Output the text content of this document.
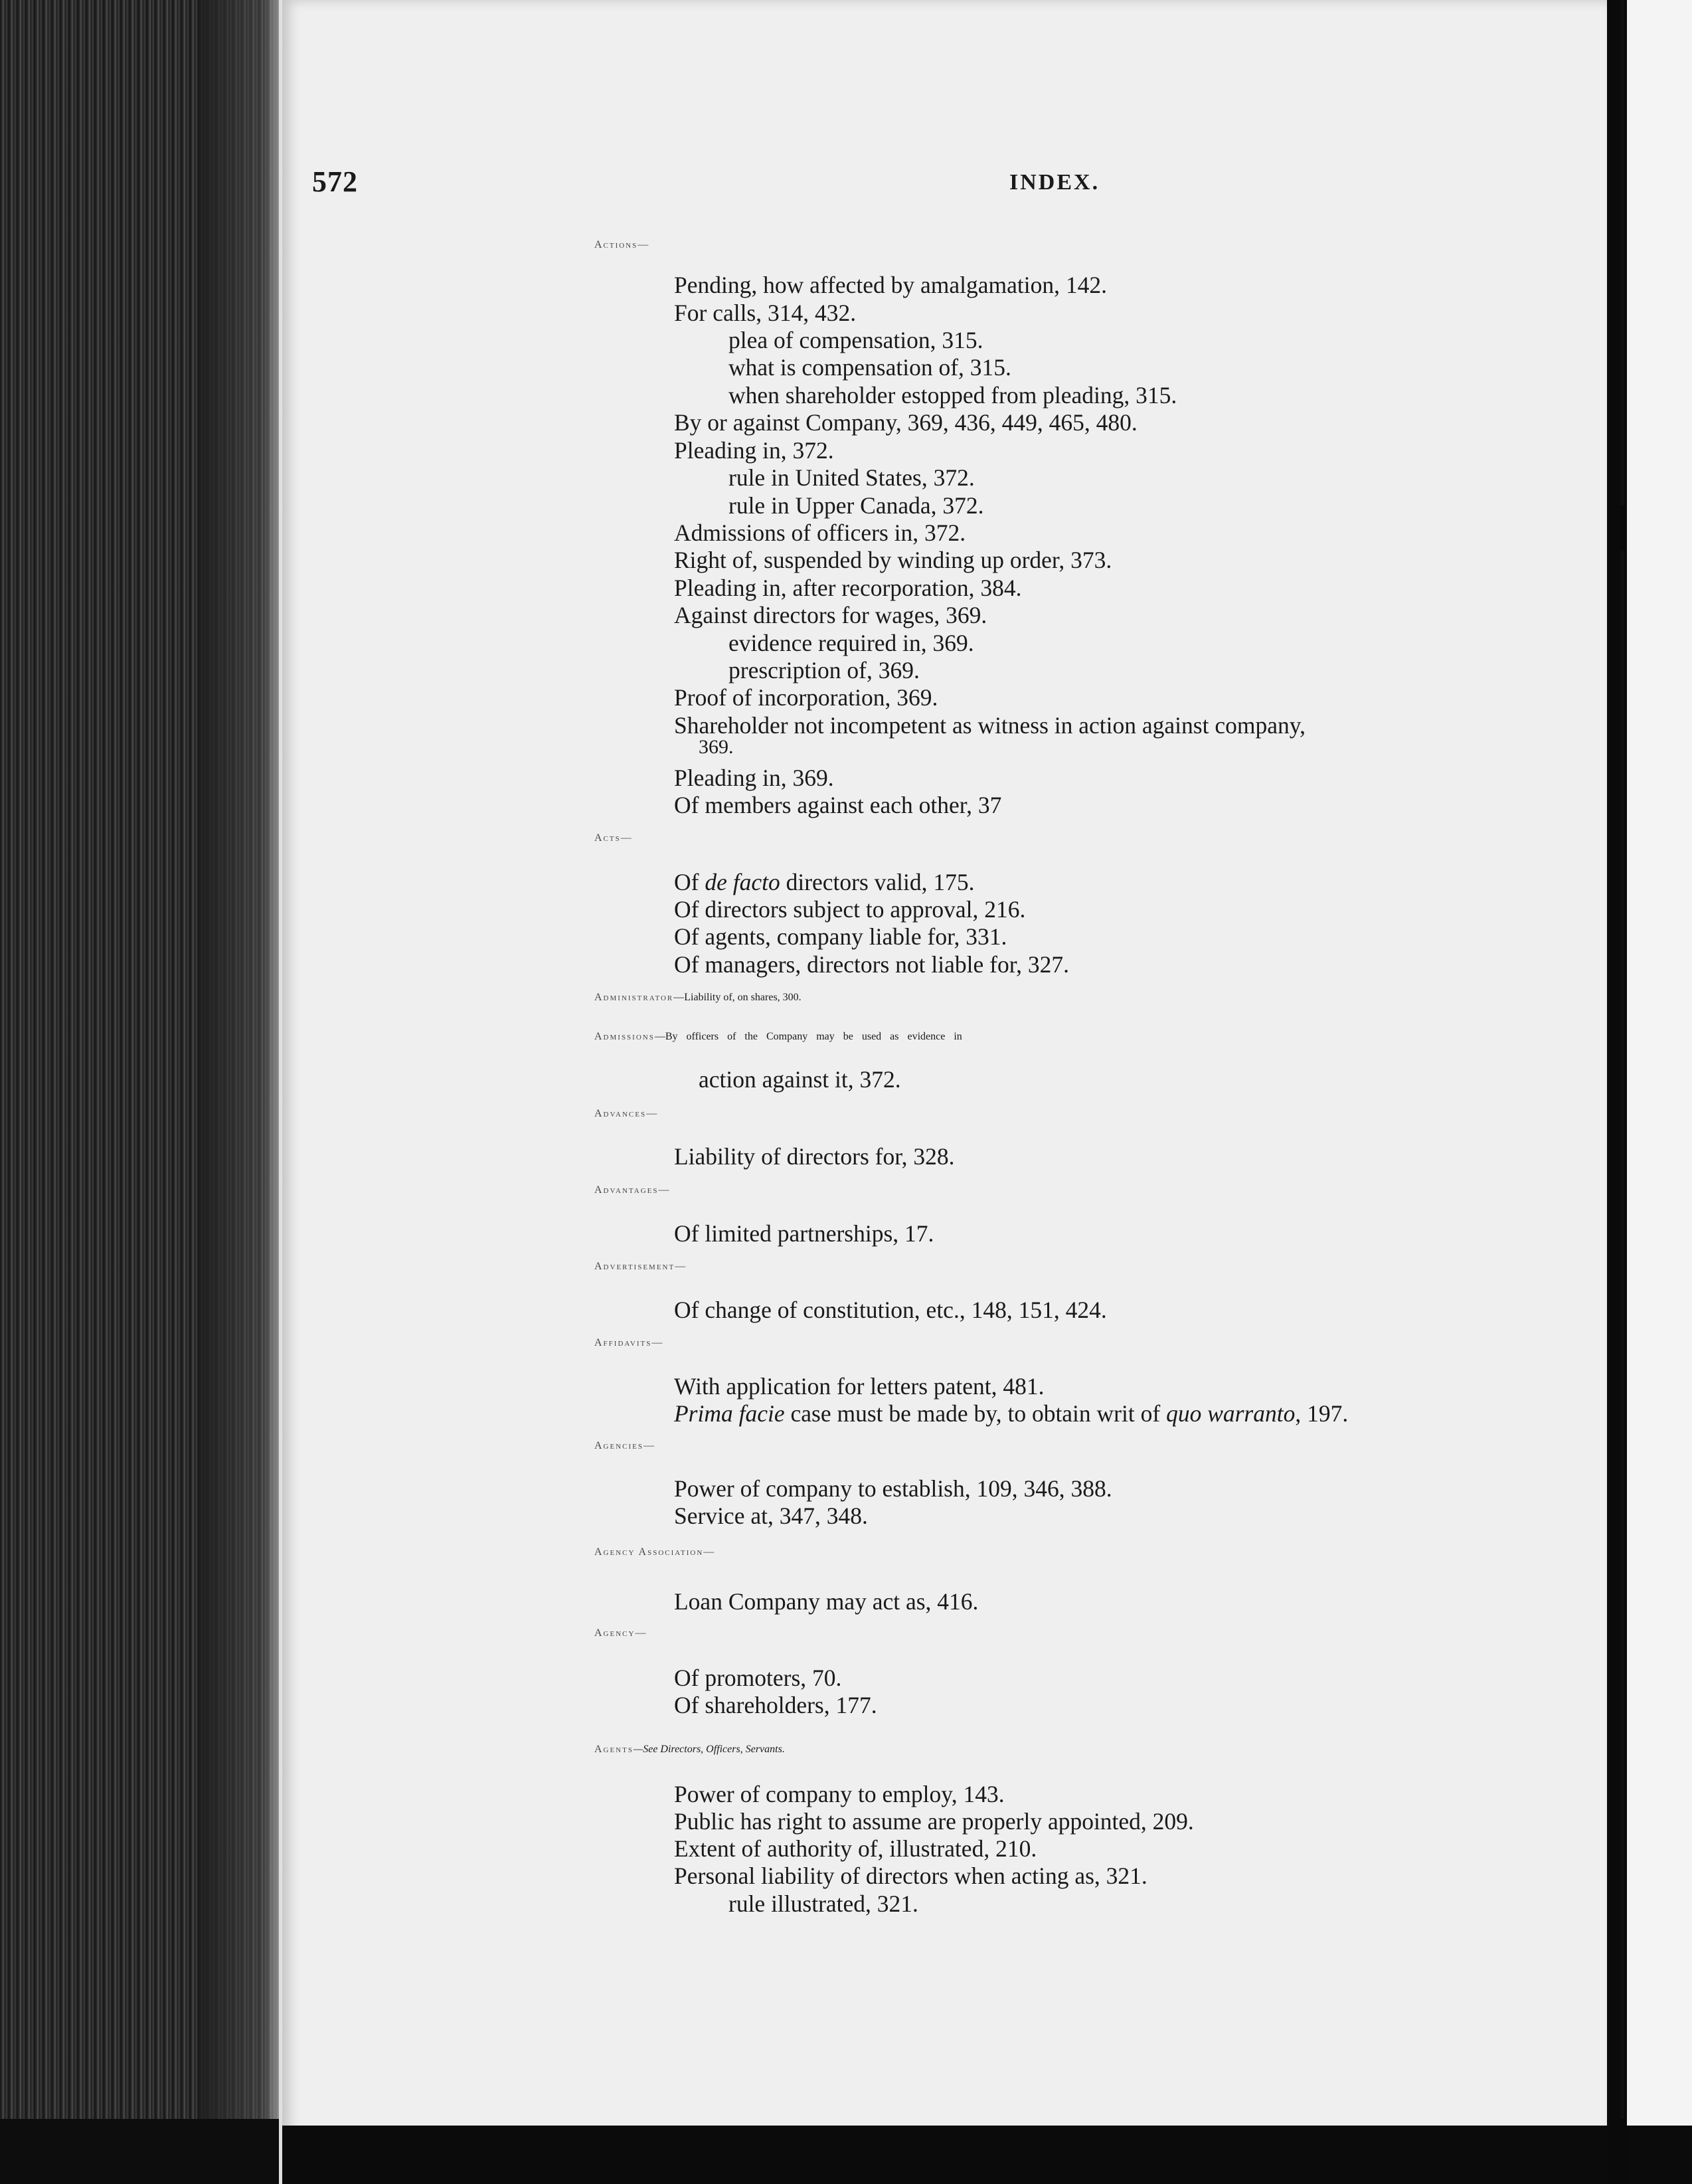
572	INDEX.
Actions—
Pending, how affected by amalgamation, 142.
For calls, 314, 432.
plea of compensation, 315.
what is compensation of, 315.
when shareholder estopped from pleading, 315.
By or against Company, 369, 436, 449, 465, 480.
Pleading in, 372.
rule in United States, 372.
rule in Upper Canada, 372.
Admissions of officers in, 372.
Right of, suspended by winding up order, 373.
Pleading in, after recorporation, 384.
Against directors for wages, 369.
evidence required in, 369.
prescription of, 369.
Proof of incorporation, 369.
Shareholder not incompetent as witness in action against company,
369.
Pleading in, 369.
Of members against each other, 37
Acts—
Of de facto directors valid, 175.
Of directors subject to approval, 216.
Of agents, company liable for, 331.
Of managers, directors not liable for, 327.
Administrator—Liability of, on shares, 300.
Admissions—By officers of the Company may be used as evidence in
action against it, 372.
Advances—
Liability of directors for, 328.
Advantages—
Of limited partnerships, 17.
Advertisement—
Of change of constitution, etc., 148, 151, 424.
Affidavits—
With application for letters patent, 481.
Prima facie case must be made by, to obtain writ of quo warranto, 197.
Agencies—
Power of company to establish, 109, 346, 388.
Service at, 347, 348.
Agency Association—
Loan Company may act as, 416.
Agency—
Of promoters, 70.
Of shareholders, 177.
Agents—See Directors, Officers, Servants.
Power of company to employ, 143.
Public has right to assume are properly appointed, 209.
Extent of authority of, illustrated, 210.
Personal liability of directors when acting as, 321.
rule illustrated, 321.
